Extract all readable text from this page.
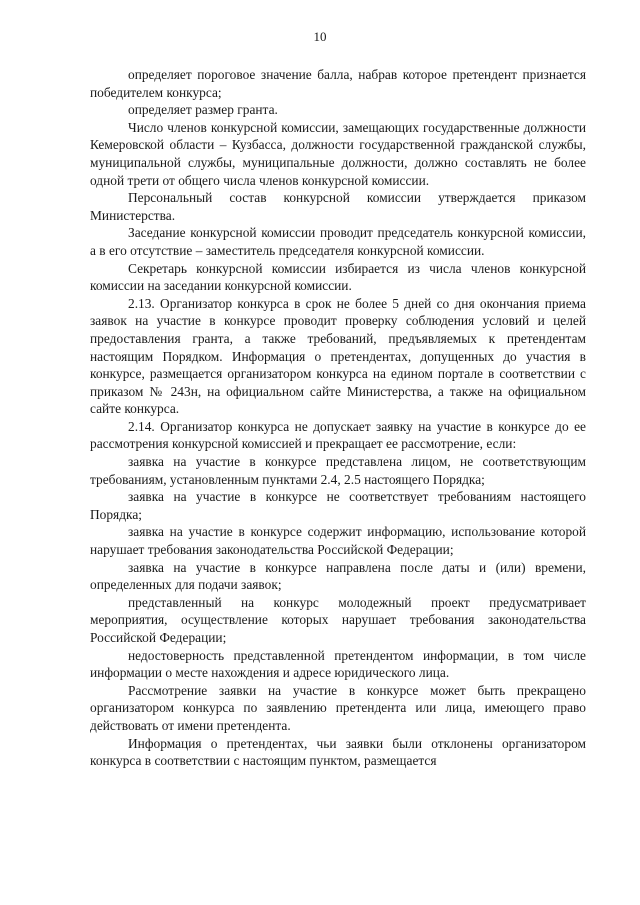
10

определяет пороговое значение балла, набрав которое претендент признается победителем конкурса;

определяет размер гранта.

Число членов конкурсной комиссии, замещающих государственные должности Кемеровской области – Кузбасса, должности государственной гражданской службы, муниципальной службы, муниципальные должности, должно составлять не более одной трети от общего числа членов конкурсной комиссии.

Персональный состав конкурсной комиссии утверждается приказом Министерства.

Заседание конкурсной комиссии проводит председатель конкурсной комиссии, а в его отсутствие – заместитель председателя конкурсной комиссии.

Секретарь конкурсной комиссии избирается из числа членов конкурсной комиссии на заседании конкурсной комиссии.

2.13. Организатор конкурса в срок не более 5 дней со дня окончания приема заявок на участие в конкурсе проводит проверку соблюдения условий и целей предоставления гранта, а также требований, предъявляемых к претендентам настоящим Порядком. Информация о претендентах, допущенных до участия в конкурсе, размещается организатором конкурса на едином портале в соответствии с приказом № 243н, на официальном сайте Министерства, а также на официальном сайте конкурса.

2.14. Организатор конкурса не допускает заявку на участие в конкурсе до ее рассмотрения конкурсной комиссией и прекращает ее рассмотрение, если:

заявка на участие в конкурсе представлена лицом, не соответствующим требованиям, установленным пунктами 2.4, 2.5 настоящего Порядка;

заявка на участие в конкурсе не соответствует требованиям настоящего Порядка;

заявка на участие в конкурсе содержит информацию, использование которой нарушает требования законодательства Российской Федерации;

заявка на участие в конкурсе направлена после даты и (или) времени, определенных для подачи заявок;

представленный на конкурс молодежный проект предусматривает мероприятия, осуществление которых нарушает требования законодательства Российской Федерации;

недостоверность представленной претендентом информации, в том числе информации о месте нахождения и адресе юридического лица.

Рассмотрение заявки на участие в конкурсе может быть прекращено организатором конкурса по заявлению претендента или лица, имеющего право действовать от имени претендента.

Информация о претендентах, чьи заявки были отклонены организатором конкурса в соответствии с настоящим пунктом, размещается
